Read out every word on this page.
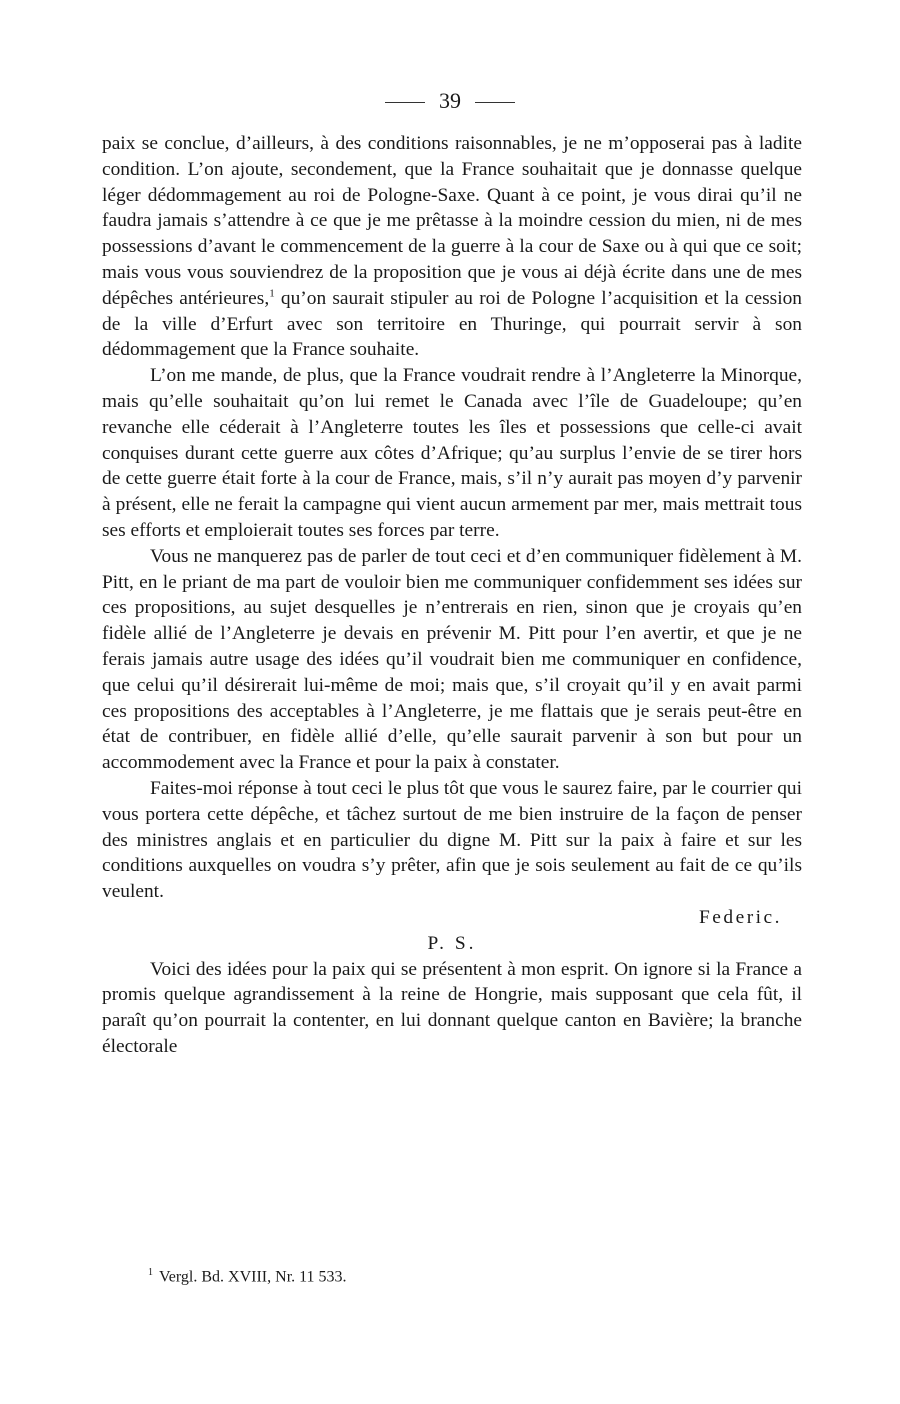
39

paix se conclue, d’ailleurs, à des conditions raisonnables, je ne m’opposerai pas à ladite condition. L’on ajoute, secondement, que la France souhaitait que je donnasse quelque léger dédommagement au roi de Pologne-Saxe. Quant à ce point, je vous dirai qu’il ne faudra jamais s’attendre à ce que je me prêtasse à la moindre cession du mien, ni de mes possessions d’avant le commencement de la guerre à la cour de Saxe ou à qui que ce soit; mais vous vous souviendrez de la proposition que je vous ai déjà écrite dans une de mes dépêches antérieures,$^1$ qu’on saurait stipuler au roi de Pologne l’acquisition et la cession de la ville d’Erfurt avec son territoire en Thuringe, qui pourrait servir à son dédommagement que la France souhaite.

L’on me mande, de plus, que la France voudrait rendre à l’Angleterre la Minorque, mais qu’elle souhaitait qu’on lui remet le Canada avec l’île de Guadeloupe; qu’en revanche elle céderait à l’Angleterre toutes les îles et possessions que celle-ci avait conquises durant cette guerre aux côtes d’Afrique; qu’au surplus l’envie de se tirer hors de cette guerre était forte à la cour de France, mais, s’il n’y aurait pas moyen d’y parvenir à présent, elle ne ferait la campagne qui vient aucun armement par mer, mais mettrait tous ses efforts et emploierait toutes ses forces par terre.

Vous ne manquerez pas de parler de tout ceci et d’en communiquer fidèlement à M. Pitt, en le priant de ma part de vouloir bien me communiquer confidemment ses idées sur ces propositions, au sujet desquelles je n’entrerais en rien, sinon que je croyais qu’en fidèle allié de l’Angleterre je devais en prévenir M. Pitt pour l’en avertir, et que je ne ferais jamais autre usage des idées qu’il voudrait bien me communiquer en confidence, que celui qu’il désirerait lui-même de moi; mais que, s’il croyait qu’il y en avait parmi ces propositions des acceptables à l’Angleterre, je me flattais que je serais peut-être en état de contribuer, en fidèle allié d’elle, qu’elle saurait parvenir à son but pour un accommodement avec la France et pour la paix à constater.

Faites-moi réponse à tout ceci le plus tôt que vous le saurez faire, par le courrier qui vous portera cette dépêche, et tâchez surtout de me bien instruire de la façon de penser des ministres anglais et en particulier du digne M. Pitt sur la paix à faire et sur les conditions auxquelles on voudra s’y prêter, afin que je sois seulement au fait de ce qu’ils veulent.

Federic.

P. S.

Voici des idées pour la paix qui se présentent à mon esprit. On ignore si la France a promis quelque agrandissement à la reine de Hongrie, mais supposant que cela fût, il paraît qu’on pourrait la contenter, en lui donnant quelque canton en Bavière; la branche électorale

$^1$ Vergl. Bd. XVIII, Nr. 11 533.
